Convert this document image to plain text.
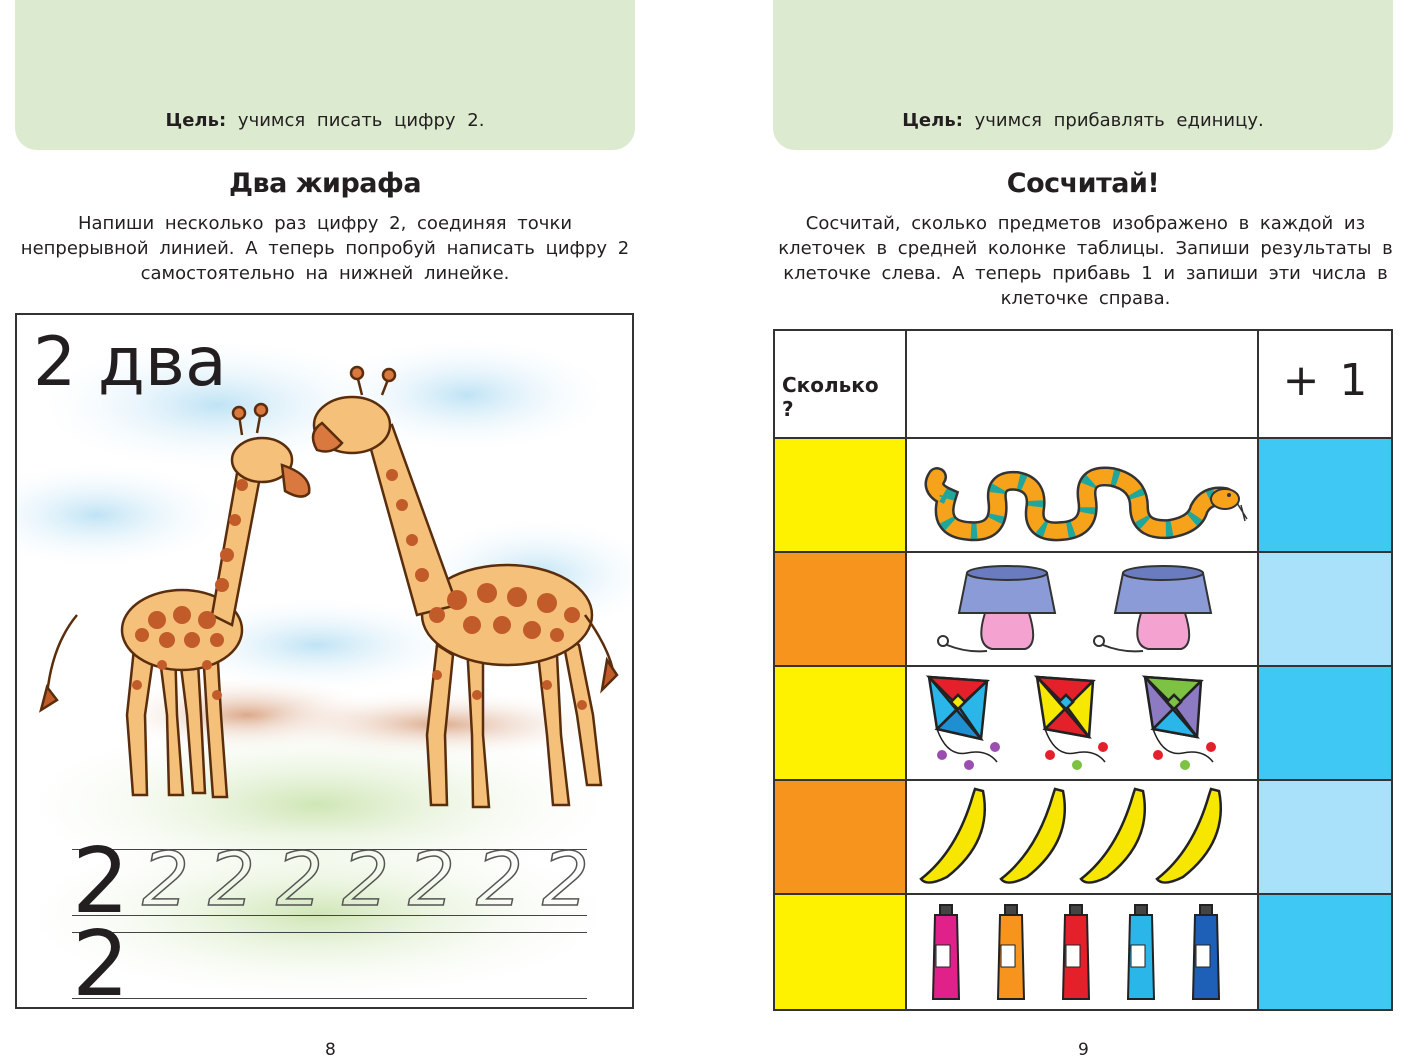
Цель: учимся писать цифру 2.
Два жирафа
Напиши несколько раз цифру 2, соединяя точки непрерывной линией. А теперь попробуй написать цифру 2 самостоятельно на нижней линейке.
2 два
2 2 2 2 2 2 2 2
2
8
Цель: учимся прибавлять единицу.
Сосчитай!
Сосчитай, сколько предметов изображено в каждой из клеточек в средней колонке таблицы. Запиши результаты в клеточке слева. А теперь прибавь 1 и запиши эти числа в клеточке справа.
Сколько ?
+ 1
9
